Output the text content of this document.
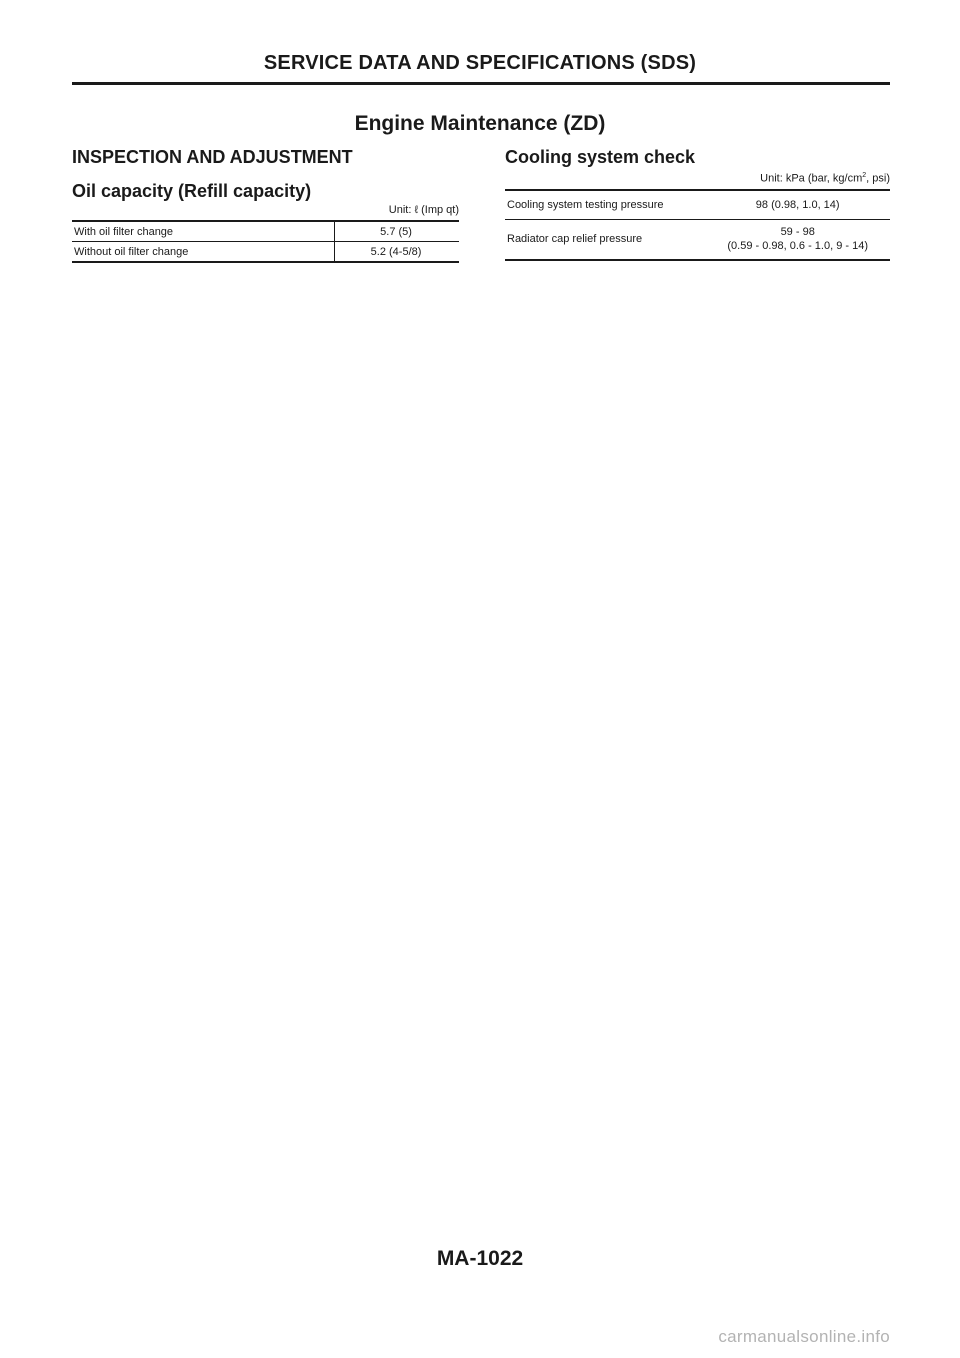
SERVICE DATA AND SPECIFICATIONS (SDS)
Engine Maintenance (ZD)
INSPECTION AND ADJUSTMENT
Oil capacity (Refill capacity)
Unit: ℓ (Imp qt)
With oil filter change	5.7 (5)
Without oil filter change	5.2 (4-5/8)
Cooling system check
Unit: kPa (bar, $kg/cm^2$, psi)
Cooling system testing pressure	98 (0.98, 1.0, 14)
Radiator cap relief pressure	59 - 98
(0.59 - 0.98, 0.6 - 1.0, 9 - 14)
MA-1022
carmanualsonline.info
